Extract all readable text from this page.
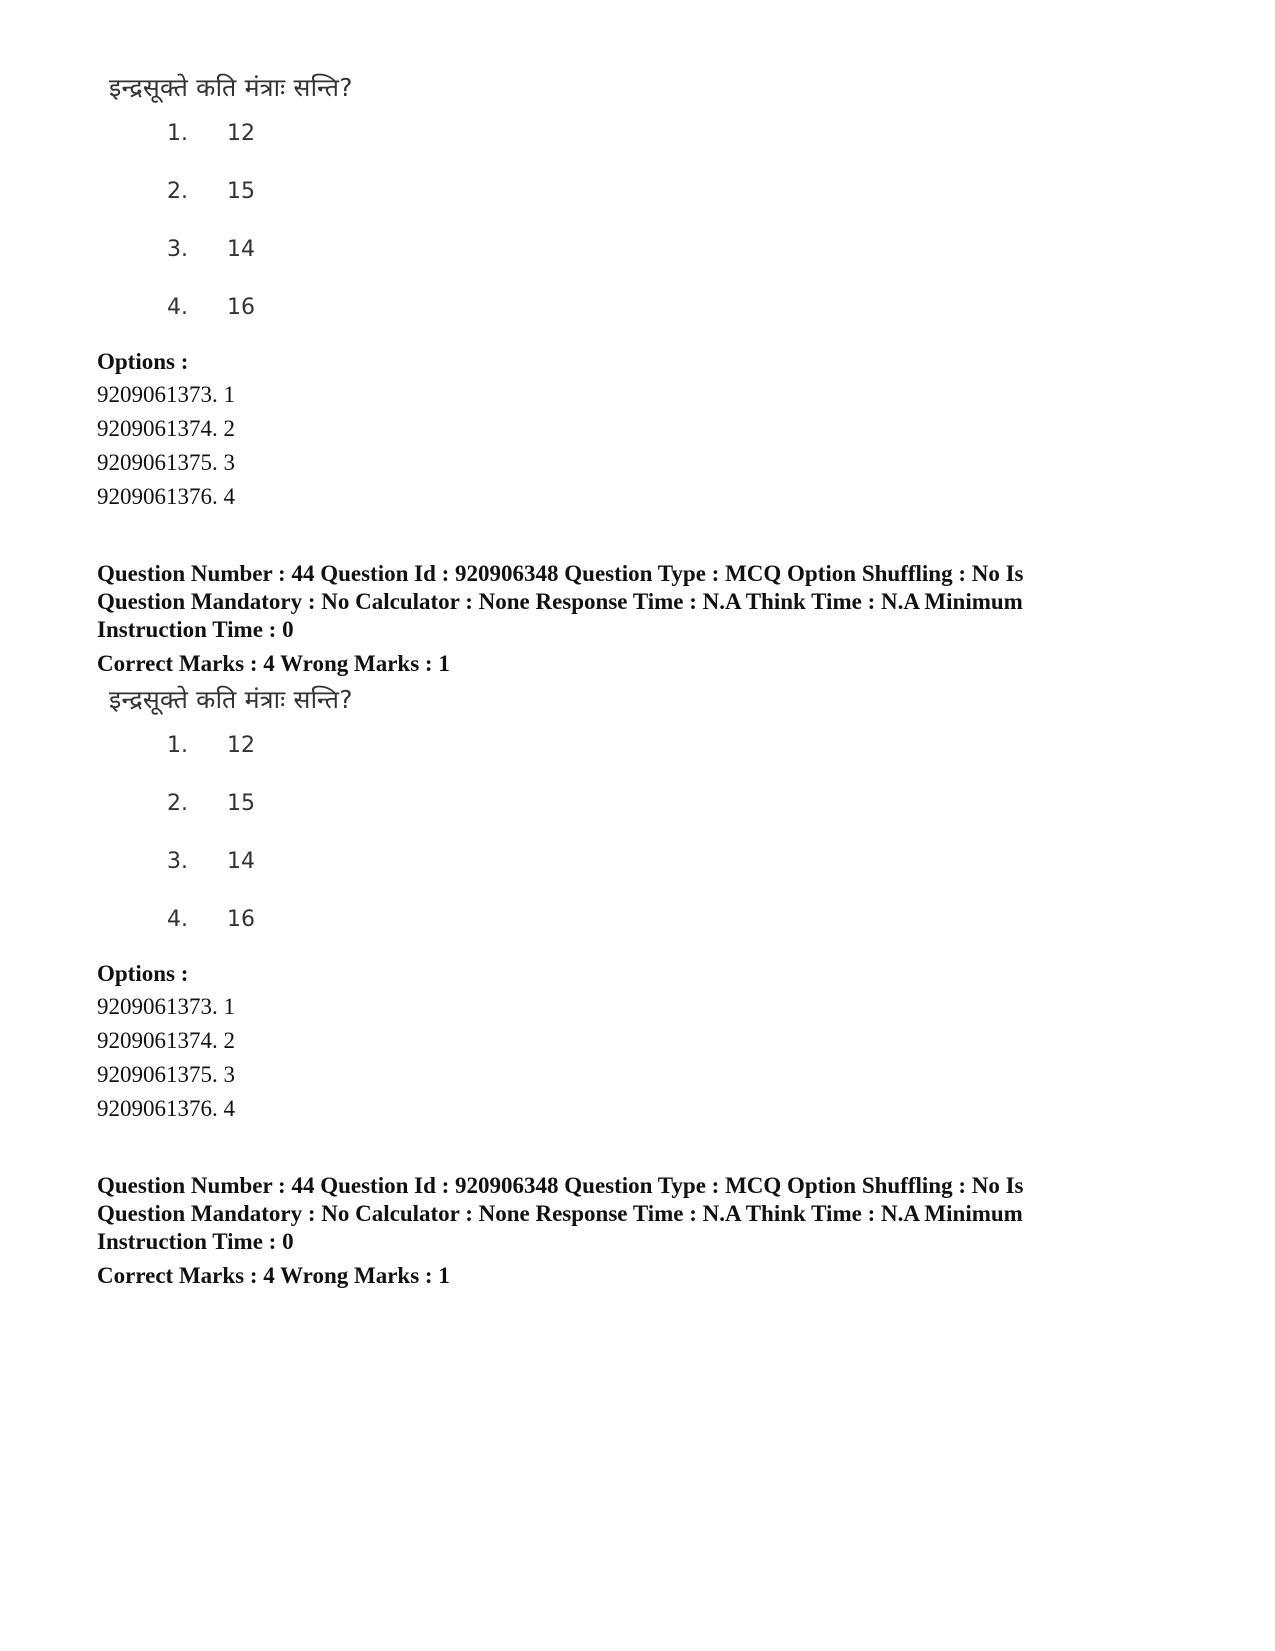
इन्द्रसूक्ते कति मंत्राः सन्ति?
1. 12
2. 15
3. 14
4. 16
Options :
9209061373. 1
9209061374. 2
9209061375. 3
9209061376. 4
Question Number : 44 Question Id : 920906348 Question Type : MCQ Option Shuffling : No Is
Question Mandatory : No Calculator : None Response Time : N.A Think Time : N.A Minimum
Instruction Time : 0
Correct Marks : 4 Wrong Marks : 1
इन्द्रसूक्ते कति मंत्राः सन्ति?
1. 12
2. 15
3. 14
4. 16
Options :
9209061373. 1
9209061374. 2
9209061375. 3
9209061376. 4
Question Number : 44 Question Id : 920906348 Question Type : MCQ Option Shuffling : No Is
Question Mandatory : No Calculator : None Response Time : N.A Think Time : N.A Minimum
Instruction Time : 0
Correct Marks : 4 Wrong Marks : 1
